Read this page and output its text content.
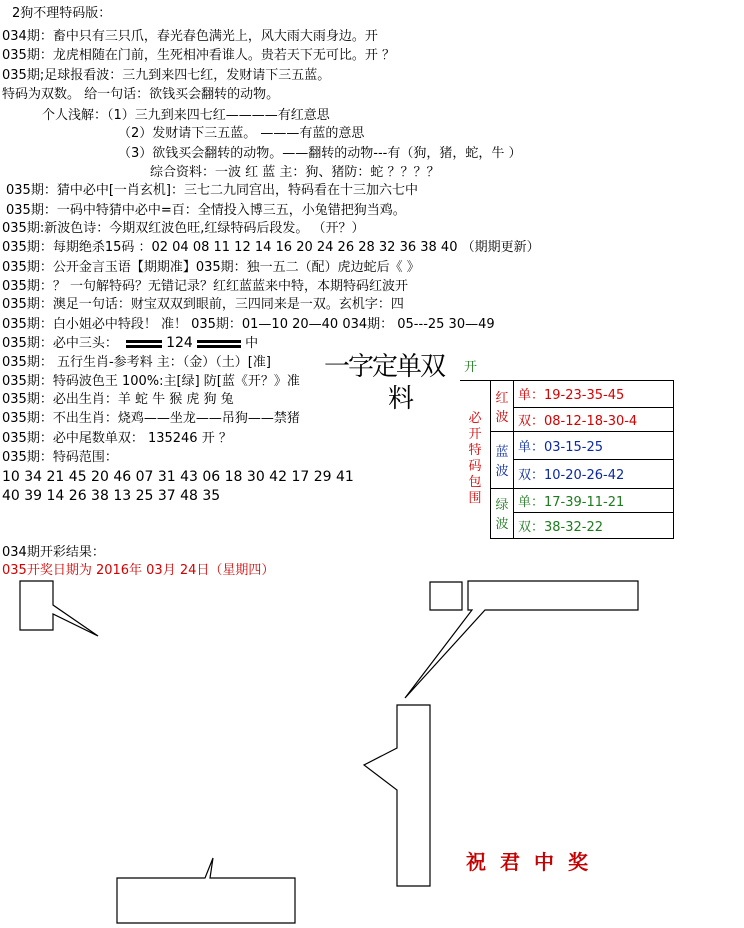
2狗不理特码版：
034期：畜中只有三只爪，春光春色满光上，风大雨大雨身边。开
035期：龙虎相随在门前，生死相冲看谁人。贵若天下无可比。开 ？
035期;足球报看波：三九到来四七红，发财请下三五蓝。
特码为双数。 给一句话：欲钱买会翻转的动物。
个人浅解：（1）三九到来四七红————有红意思
（2）发财请下三五蓝。 ———有蓝的意思
（3）欲钱买会翻转的动物。——翻转的动物---有（狗，猪，蛇，牛 ）
综合资料：一波 红 蓝 主：狗、猪防：蛇 ？？？？
035期：猜中必中[一肖玄机]：三七二九同宫出，特码看在十三加六七中
035期：一码中特猜中必中=百：全情投入博三五，小兔错把狗当鸡。
035期:新波色诗：今期双红波色旺,红绿特码后段发。 （开？）
035期：每期绝杀15码 ：02 04 08 11 12 14 16 20 24 26 28 32 36 38 40 （期期更新）
035期：公开金言玉语【期期准】035期：独一五二（配）虎边蛇后《 》
035期：？ 一句解特码？无错记录？红红蓝蓝来中特，本期特码红波开
035期：澳足一句话：财宝双双到眼前，三四同来是一双。玄机字：四
035期：白小姐必中特段！ 准！ 035期：01—10 20—40 034期： 05---25 30—49
035期：必中三头：	124	中
035期： 五行生肖-参考料 主：（金）（土）[准]
035期：特码波色王 100%:主[绿] 防[蓝《开？》准
035期：必出生肖：羊 蛇 牛 猴 虎 狗 兔
035期：不出生肖：烧鸡——坐龙——吊狗——禁猪
035期：必中尾数单双： 135246 开 ？
035期：特码范围：
10 34 21 45 20 46 07 31 43 06 18 30 42 17 29 41
40 39 14 26 38 13 25 37 48 35
一字定单双
料
开		
必开特码包围	红波	单：19-23-35-45
		双：08-12-18-30-4
	蓝波	单：03-15-25
		双：10-20-26-42
	绿波	单：17-39-11-21
		双：38-32-22
034期开彩结果：
035开奖日期为 2016年 03月 24日（星期四）
祝君中奖
